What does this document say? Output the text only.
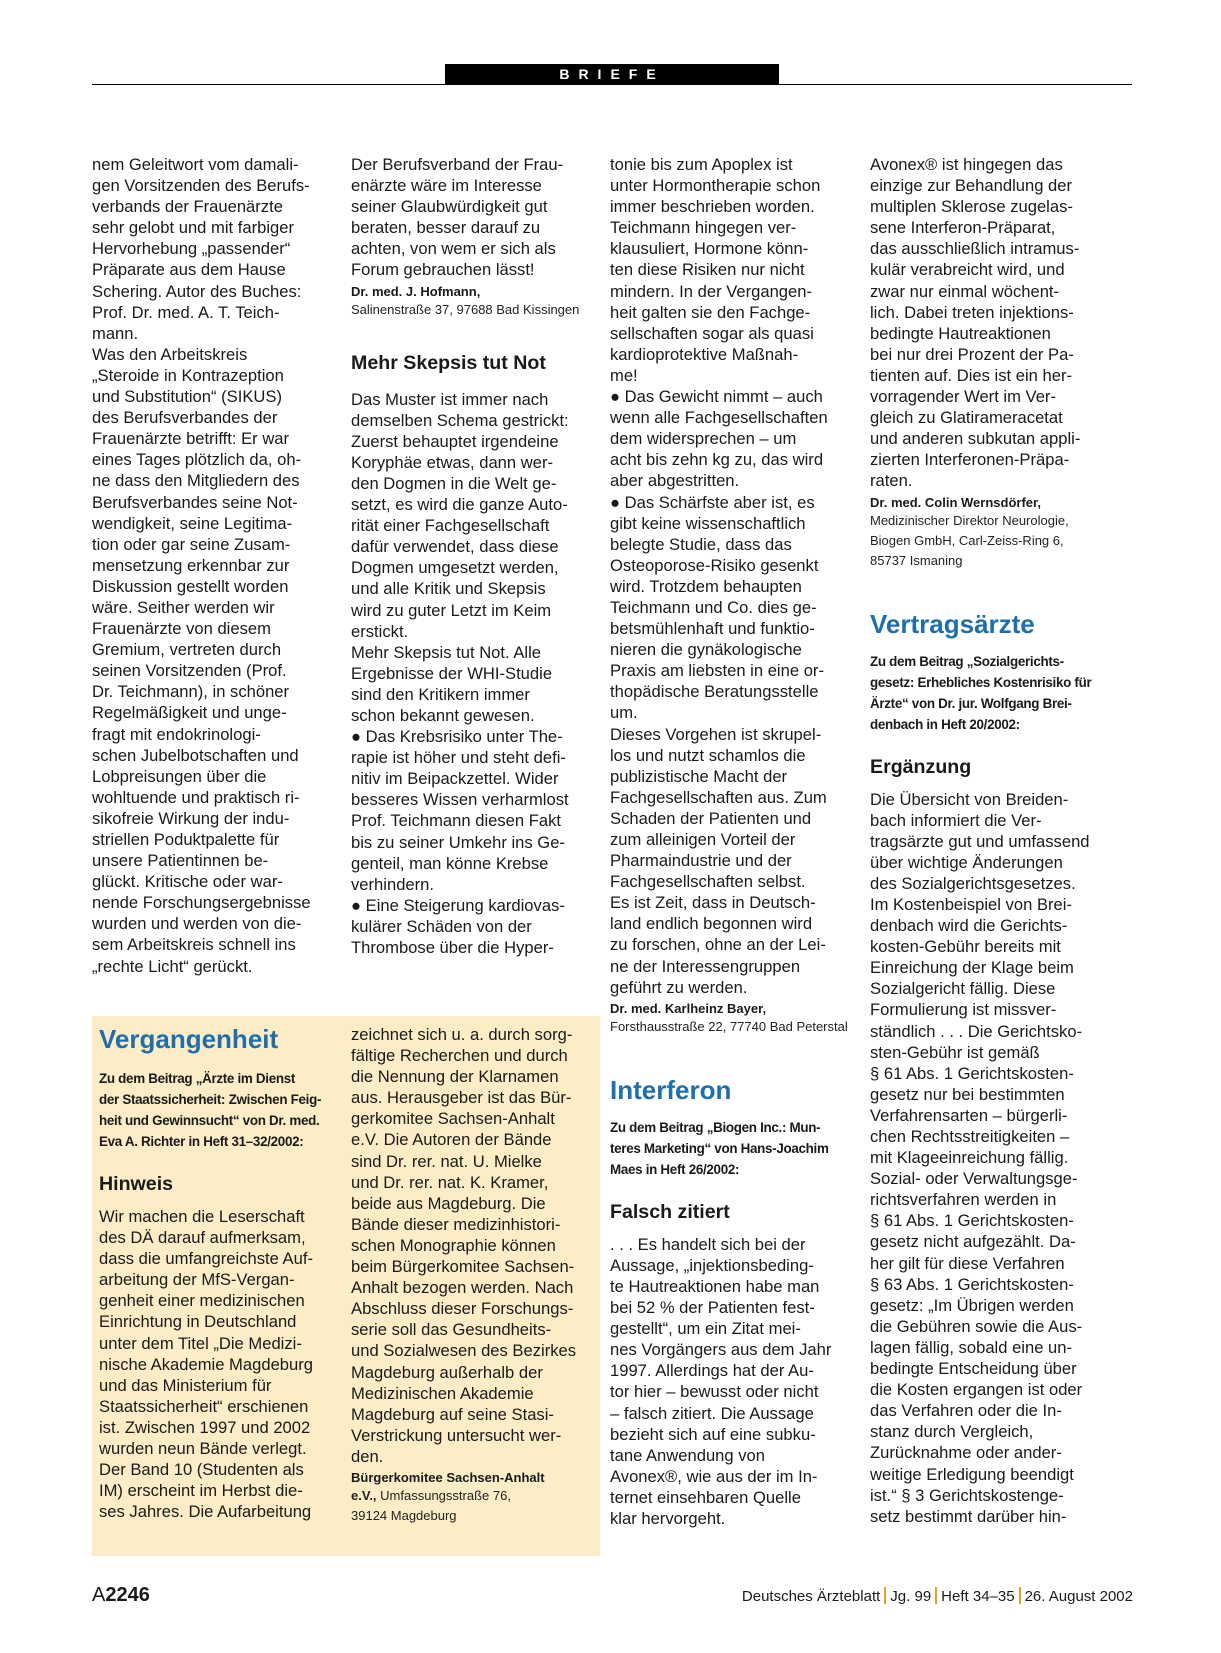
BRIEFE
nem Geleitwort vom damali-
gen Vorsitzenden des Berufs-
verbands der Frauenärzte
sehr gelobt und mit farbiger
Hervorhebung „passender“
Präparate aus dem Hause
Schering. Autor des Buches:
Prof. Dr. med. A. T. Teich-
mann.
Was den Arbeitskreis
„Steroide in Kontrazeption
und Substitution“ (SIKUS)
des Berufsverbandes der
Frauenärzte betrifft: Er war
eines Tages plötzlich da, oh-
ne dass den Mitgliedern des
Berufsverbandes seine Not-
wendigkeit, seine Legitima-
tion oder gar seine Zusam-
mensetzung erkennbar zur
Diskussion gestellt worden
wäre. Seither werden wir
Frauenärzte von diesem
Gremium, vertreten durch
seinen Vorsitzenden (Prof.
Dr. Teichmann), in schöner
Regelmäßigkeit und unge-
fragt mit endokrinologi-
schen Jubelbotschaften und
Lobpreisungen über die
wohltuende und praktisch ri-
sikofreie Wirkung der indu-
striellen Poduktpalette für
unsere Patientinnen be-
glückt. Kritische oder war-
nende Forschungsergebnisse
wurden und werden von die-
sem Arbeitskreis schnell ins
„rechte Licht“ gerückt.
Der Berufsverband der Frau-
enärzte wäre im Interesse
seiner Glaubwürdigkeit gut
beraten, besser darauf zu
achten, von wem er sich als
Forum gebrauchen lässt!
Dr. med. J. Hofmann,
Salinenstraße 37, 97688 Bad Kissingen
Mehr Skepsis tut Not
Das Muster ist immer nach
demselben Schema gestrickt:
Zuerst behauptet irgendeine
Koryphäe etwas, dann wer-
den Dogmen in die Welt ge-
setzt, es wird die ganze Auto-
rität einer Fachgesellschaft
dafür verwendet, dass diese
Dogmen umgesetzt werden,
und alle Kritik und Skepsis
wird zu guter Letzt im Keim
erstickt.
Mehr Skepsis tut Not. Alle
Ergebnisse der WHI-Studie
sind den Kritikern immer
schon bekannt gewesen.
● Das Krebsrisiko unter The-
rapie ist höher und steht defi-
nitiv im Beipackzettel. Wider
besseres Wissen verharmlost
Prof. Teichmann diesen Fakt
bis zu seiner Umkehr ins Ge-
genteil, man könne Krebse
verhindern.
● Eine Steigerung kardiovas-
kulärer Schäden von der
Thrombose über die Hyper-
tonie bis zum Apoplex ist
unter Hormontherapie schon
immer beschrieben worden.
Teichmann hingegen ver-
klausuliert, Hormone könn-
ten diese Risiken nur nicht
mindern. In der Vergangen-
heit galten sie den Fachge-
sellschaften sogar als quasi
kardioprotektive Maßnah-
me!
● Das Gewicht nimmt – auch
wenn alle Fachgesellschaften
dem widersprechen – um
acht bis zehn kg zu, das wird
aber abgestritten.
● Das Schärfste aber ist, es
gibt keine wissenschaftlich
belegte Studie, dass das
Osteoporose-Risiko gesenkt
wird. Trotzdem behaupten
Teichmann und Co. dies ge-
betsmühlenhaft und funktio-
nieren die gynäkologische
Praxis am liebsten in eine or-
thopädische Beratungsstelle
um.
Dieses Vorgehen ist skrupel-
los und nutzt schamlos die
publizistische Macht der
Fachgesellschaften aus. Zum
Schaden der Patienten und
zum alleinigen Vorteil der
Pharmaindustrie und der
Fachgesellschaften selbst.
Es ist Zeit, dass in Deutsch-
land endlich begonnen wird
zu forschen, ohne an der Lei-
ne der Interessengruppen
geführt zu werden.
Dr. med. Karlheinz Bayer,
Forsthausstraße 22, 77740 Bad Peterstal
Interferon
Zu dem Beitrag „Biogen Inc.: Mun-
teres Marketing“ von Hans-Joachim
Maes in Heft 26/2002:
Falsch zitiert
. . . Es handelt sich bei der
Aussage, „injektionsbeding-
te Hautreaktionen habe man
bei 52 % der Patienten fest-
gestellt“, um ein Zitat mei-
nes Vorgängers aus dem Jahr
1997. Allerdings hat der Au-
tor hier – bewusst oder nicht
– falsch zitiert. Die Aussage
bezieht sich auf eine subku-
tane Anwendung von
Avonex®, wie aus der im In-
ternet einsehbaren Quelle
klar hervorgeht.
Avonex® ist hingegen das
einzige zur Behandlung der
multiplen Sklerose zugelas-
sene Interferon-Präparat,
das ausschließlich intramus-
kulär verabreicht wird, und
zwar nur einmal wöchent-
lich. Dabei treten injektions-
bedingte Hautreaktionen
bei nur drei Prozent der Pa-
tienten auf. Dies ist ein her-
vorragender Wert im Ver-
gleich zu Glatirameracetat
und anderen subkutan appli-
zierten Interferonen-Präpa-
raten.
Dr. med. Colin Wernsdörfer,
Medizinischer Direktor Neurologie,
Biogen GmbH, Carl-Zeiss-Ring 6,
85737 Ismaning
Vertragsärzte
Zu dem Beitrag „Sozialgerichts-
gesetz: Erhebliches Kostenrisiko für
Ärzte“ von Dr. jur. Wolfgang Brei-
denbach in Heft 20/2002:
Ergänzung
Die Übersicht von Breiden-
bach informiert die Ver-
tragsärzte gut und umfassend
über wichtige Änderungen
des Sozialgerichtsgesetzes.
Im Kostenbeispiel von Brei-
denbach wird die Gerichts-
kosten-Gebühr bereits mit
Einreichung der Klage beim
Sozialgericht fällig. Diese
Formulierung ist missver-
ständlich . . . Die Gerichtsko-
sten-Gebühr ist gemäß
§ 61 Abs. 1 Gerichtskosten-
gesetz nur bei bestimmten
Verfahrensarten – bürgerli-
chen Rechtsstreitigkeiten –
mit Klageeinreichung fällig.
Sozial- oder Verwaltungsge-
richtsverfahren werden in
§ 61 Abs. 1 Gerichtskosten-
gesetz nicht aufgezählt. Da-
her gilt für diese Verfahren
§ 63 Abs. 1 Gerichtskosten-
gesetz: „Im Übrigen werden
die Gebühren sowie die Aus-
lagen fällig, sobald eine un-
bedingte Entscheidung über
die Kosten ergangen ist oder
das Verfahren oder die In-
stanz durch Vergleich,
Zurücknahme oder ander-
weitige Erledigung beendigt
ist.“ § 3 Gerichtskostenge-
setz bestimmt darüber hin-
Vergangenheit
Zu dem Beitrag „Ärzte im Dienst
der Staatssicherheit: Zwischen Feig-
heit und Gewinnsucht“ von Dr. med.
Eva A. Richter in Heft 31–32/2002:
Hinweis
Wir machen die Leserschaft
des DÄ darauf aufmerksam,
dass die umfangreichste Auf-
arbeitung der MfS-Vergan-
genheit einer medizinischen
Einrichtung in Deutschland
unter dem Titel „Die Medizi-
nische Akademie Magdeburg
und das Ministerium für
Staatssicherheit“ erschienen
ist. Zwischen 1997 und 2002
wurden neun Bände verlegt.
Der Band 10 (Studenten als
IM) erscheint im Herbst die-
ses Jahres. Die Aufarbeitung
zeichnet sich u. a. durch sorg-
fältige Recherchen und durch
die Nennung der Klarnamen
aus. Herausgeber ist das Bür-
gerkomitee Sachsen-Anhalt
e.V. Die Autoren der Bände
sind Dr. rer. nat. U. Mielke
und Dr. rer. nat. K. Kramer,
beide aus Magdeburg. Die
Bände dieser medizinhistori-
schen Monographie können
beim Bürgerkomitee Sachsen-
Anhalt bezogen werden. Nach
Abschluss dieser Forschungs-
serie soll das Gesundheits-
und Sozialwesen des Bezirkes
Magdeburg außerhalb der
Medizinischen Akademie
Magdeburg auf seine Stasi-
Verstrickung untersucht wer-
den.
Bürgerkomitee Sachsen-Anhalt
e.V., Umfassungsstraße 76,
39124 Magdeburg
A2246	Deutsches Ärzteblatt Jg. 99 Heft 34–35 26. August 2002
